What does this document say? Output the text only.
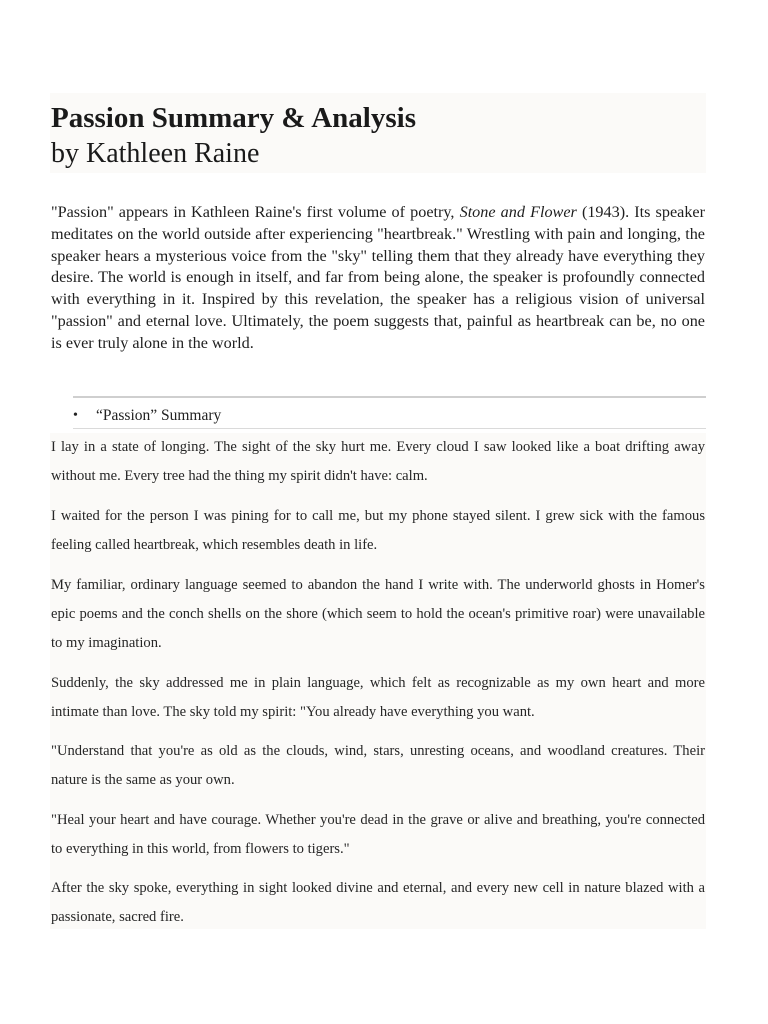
Passion Summary & Analysis
by Kathleen Raine

"Passion" appears in Kathleen Raine's first volume of poetry, Stone and Flower (1943). Its speaker meditates on the world outside after experiencing "heartbreak." Wrestling with pain and longing, the speaker hears a mysterious voice from the "sky" telling them that they already have everything they desire. The world is enough in itself, and far from being alone, the speaker is profoundly connected with everything in it. Inspired by this revelation, the speaker has a religious vision of universal "passion" and eternal love. Ultimately, the poem suggests that, painful as heartbreak can be, no one is ever truly alone in the world.

• “Passion” Summary

I lay in a state of longing. The sight of the sky hurt me. Every cloud I saw looked like a boat drifting away without me. Every tree had the thing my spirit didn't have: calm.

I waited for the person I was pining for to call me, but my phone stayed silent. I grew sick with the famous feeling called heartbreak, which resembles death in life.

My familiar, ordinary language seemed to abandon the hand I write with. The underworld ghosts in Homer's epic poems and the conch shells on the shore (which seem to hold the ocean's primitive roar) were unavailable to my imagination.

Suddenly, the sky addressed me in plain language, which felt as recognizable as my own heart and more intimate than love. The sky told my spirit: "You already have everything you want.

"Understand that you're as old as the clouds, wind, stars, unresting oceans, and woodland creatures. Their nature is the same as your own.

"Heal your heart and have courage. Whether you're dead in the grave or alive and breathing, you're connected to everything in this world, from flowers to tigers."

After the sky spoke, everything in sight looked divine and eternal, and every new cell in nature blazed with a passionate, sacred fire.
